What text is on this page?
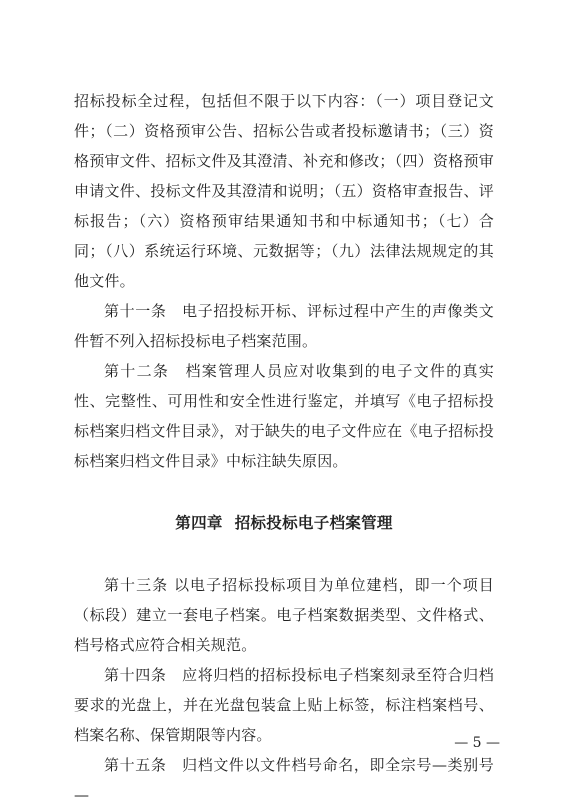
招标投标全过程，包括但不限于以下内容：（一）项目登记文件；（二）资格预审公告、招标公告或者投标邀请书；（三）资格预审文件、招标文件及其澄清、补充和修改；（四）资格预审申请文件、投标文件及其澄清和说明；（五）资格审查报告、评标报告；（六）资格预审结果通知书和中标通知书；（七）合同；（八）系统运行环境、元数据等；（九）法律法规规定的其他文件。

第十一条　电子招投标开标、评标过程中产生的声像类文件暂不列入招标投标电子档案范围。

第十二条　档案管理人员应对收集到的电子文件的真实性、完整性、可用性和安全性进行鉴定，并填写《电子招标投标档案归档文件目录》，对于缺失的电子文件应在《电子招标投标档案归档文件目录》中标注缺失原因。

第四章 招标投标电子档案管理

第十三条 以电子招标投标项目为单位建档，即一个项目（标段）建立一套电子档案。电子档案数据类型、文件格式、档号格式应符合相关规范。

第十四条　应将归档的招标投标电子档案刻录至符合归档要求的光盘上，并在光盘包装盒上贴上标签，标注档案档号、档案名称、保管期限等内容。

第十五条　归档文件以文件档号命名，即全宗号—类别号—

— 5 —
